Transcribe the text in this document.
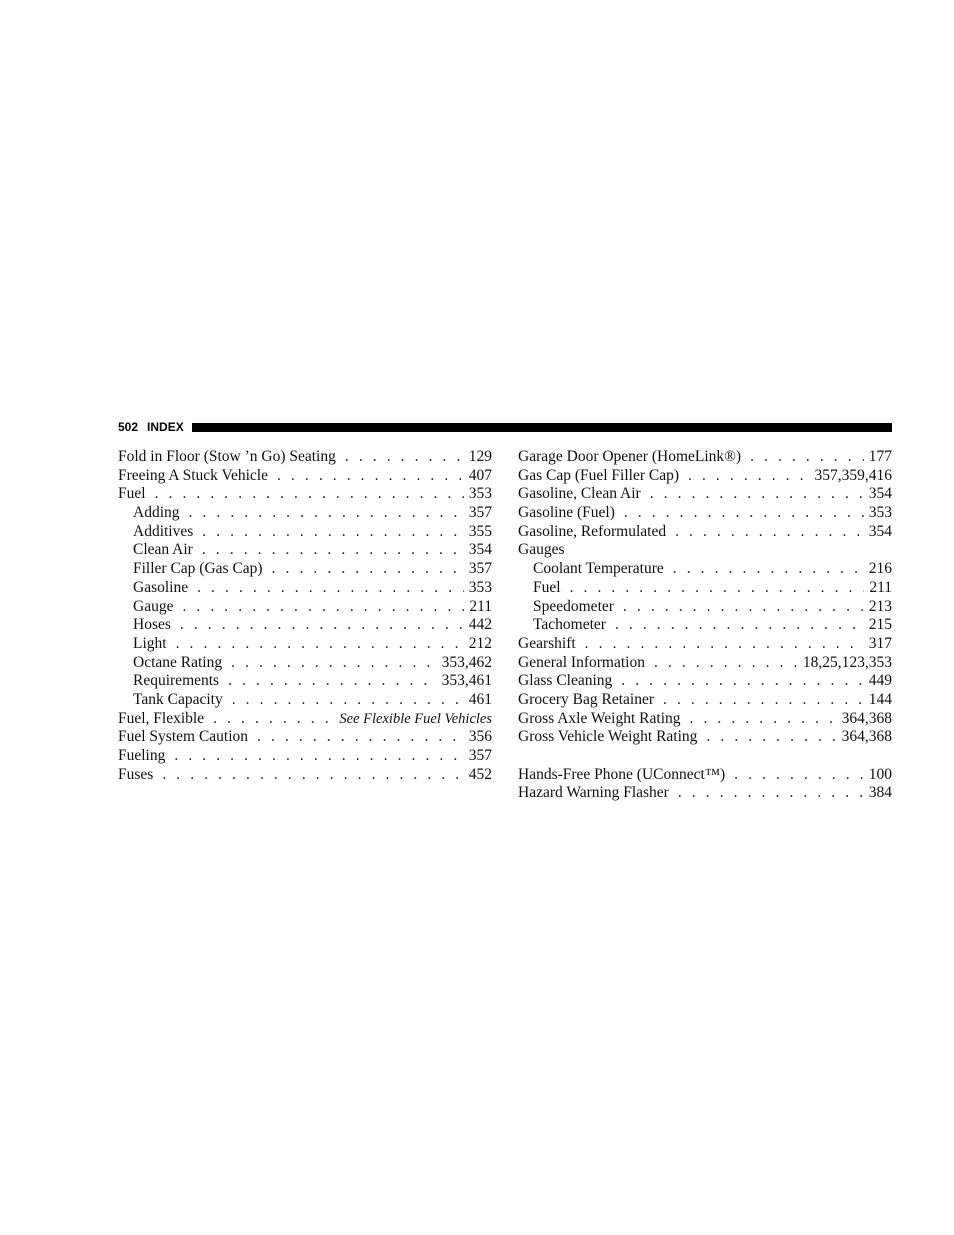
502 INDEX
Fold in Floor (Stow ’n Go) Seating . . .	129
Freeing A Stuck Vehicle . . .	407
Fuel . . .	353
Adding . . .	357
Additives . . .	355
Clean Air . . .	354
Filler Cap (Gas Cap) . . .	357
Gasoline . . .	353
Gauge . . .	211
Hoses . . .	442
Light . . .	212
Octane Rating . . .	353,462
Requirements . . .	353,461
Tank Capacity . . .	461
Fuel, Flexible . . .	See Flexible Fuel Vehicles
Fuel System Caution . . .	356
Fueling . . .	357
Fuses . . .	452
Garage Door Opener (HomeLink®) . . .	177
Gas Cap (Fuel Filler Cap) . . .	357,359,416
Gasoline, Clean Air . . .	354
Gasoline (Fuel) . . .	353
Gasoline, Reformulated . . .	354
Gauges
Coolant Temperature . . .	216
Fuel . . .	211
Speedometer . . .	213
Tachometer . . .	215
Gearshift . . .	317
General Information . . .	18,25,123,353
Glass Cleaning . . .	449
Grocery Bag Retainer . . .	144
Gross Axle Weight Rating . . .	364,368
Gross Vehicle Weight Rating . . .	364,368
Hands-Free Phone (UConnect™) . . .	100
Hazard Warning Flasher . . .	384
